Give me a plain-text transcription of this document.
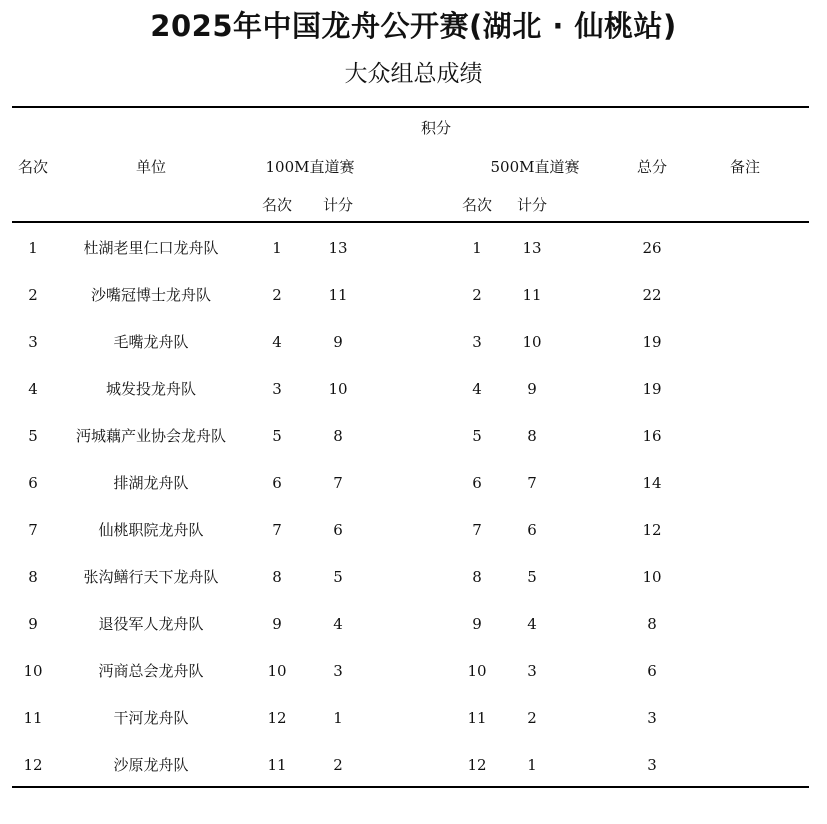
2025年中国龙舟公开赛(湖北 · 仙桃站)
大众组总成绩
积分
名次	单位	100M直道赛	500M直道赛	总分	备注
名次 计分	名次 计分
1	杜湖老里仁口龙舟队	1	13	1	13	26
2	沙嘴冠博士龙舟队	2	11	2	11	22
3	毛嘴龙舟队	4	9	3	10	19
4	城发投龙舟队	3	10	4	9	19
5	沔城藕产业协会龙舟队	5	8	5	8	16
6	排湖龙舟队	6	7	6	7	14
7	仙桃职院龙舟队	7	6	7	6	12
8	张沟鳝行天下龙舟队	8	5	8	5	10
9	退役军人龙舟队	9	4	9	4	8
10	沔商总会龙舟队	10	3	10	3	6
11	干河龙舟队	12	1	11	2	3
12	沙原龙舟队	11	2	12	1	3
